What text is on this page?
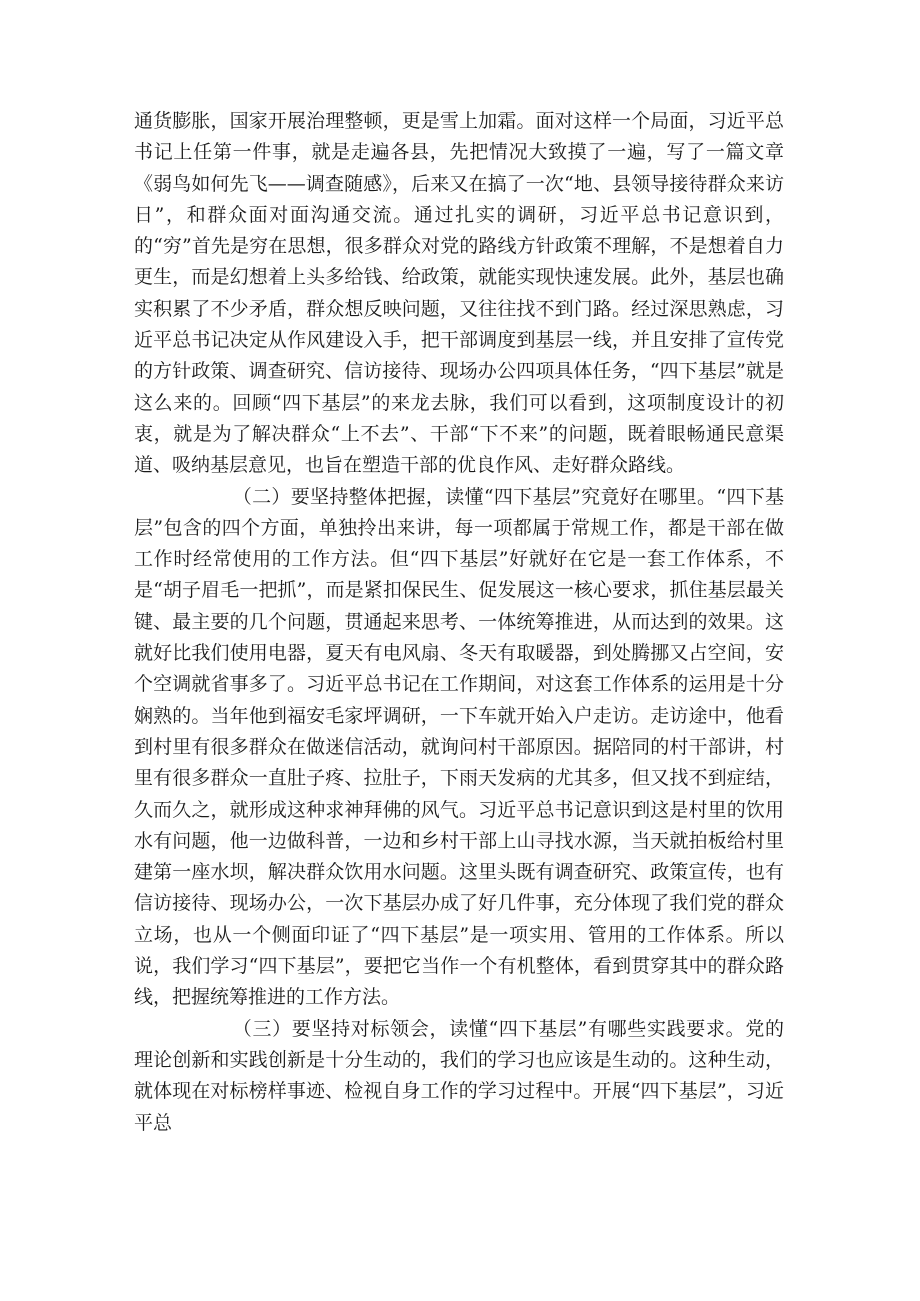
通货膨胀，国家开展治理整顿，更是雪上加霜。面对这样一个局面，习近平总书记上任第一件事，就是走遍各县，先把情况大致摸了一遍，写了一篇文章《弱鸟如何先飞——调查随感》，后来又在搞了一次“地、县领导接待群众来访日”，和群众面对面沟通交流。通过扎实的调研，习近平总书记意识到，的“穷”首先是穷在思想，很多群众对党的路线方针政策不理解，不是想着自力更生，而是幻想着上头多给钱、给政策，就能实现快速发展。此外，基层也确实积累了不少矛盾，群众想反映问题，又往往找不到门路。经过深思熟虑，习近平总书记决定从作风建设入手，把干部调度到基层一线，并且安排了宣传党的方针政策、调查研究、信访接待、现场办公四项具体任务，“四下基层”就是这么来的。回顾“四下基层”的来龙去脉，我们可以看到，这项制度设计的初衷，就是为了解决群众“上不去”、干部“下不来”的问题，既着眼畅通民意渠道、吸纳基层意见，也旨在塑造干部的优良作风、走好群众路线。

（二）要坚持整体把握，读懂“四下基层”究竟好在哪里。“四下基层”包含的四个方面，单独拎出来讲，每一项都属于常规工作，都是干部在做工作时经常使用的工作方法。但“四下基层”好就好在它是一套工作体系，不是“胡子眉毛一把抓”，而是紧扣保民生、促发展这一核心要求，抓住基层最关键、最主要的几个问题，贯通起来思考、一体统筹推进，从而达到的效果。这就好比我们使用电器，夏天有电风扇、冬天有取暖器，到处腾挪又占空间，安个空调就省事多了。习近平总书记在工作期间，对这套工作体系的运用是十分娴熟的。当年他到福安毛家坪调研，一下车就开始入户走访。走访途中，他看到村里有很多群众在做迷信活动，就询问村干部原因。据陪同的村干部讲，村里有很多群众一直肚子疼、拉肚子，下雨天发病的尤其多，但又找不到症结，久而久之，就形成这种求神拜佛的风气。习近平总书记意识到这是村里的饮用水有问题，他一边做科普，一边和乡村干部上山寻找水源，当天就拍板给村里建第一座水坝，解决群众饮用水问题。这里头既有调查研究、政策宣传，也有信访接待、现场办公，一次下基层办成了好几件事，充分体现了我们党的群众立场，也从一个侧面印证了“四下基层”是一项实用、管用的工作体系。所以说，我们学习“四下基层”，要把它当作一个有机整体，看到贯穿其中的群众路线，把握统筹推进的工作方法。

（三）要坚持对标领会，读懂“四下基层”有哪些实践要求。党的理论创新和实践创新是十分生动的，我们的学习也应该是生动的。这种生动，就体现在对标榜样事迹、检视自身工作的学习过程中。开展“四下基层”，习近平总
